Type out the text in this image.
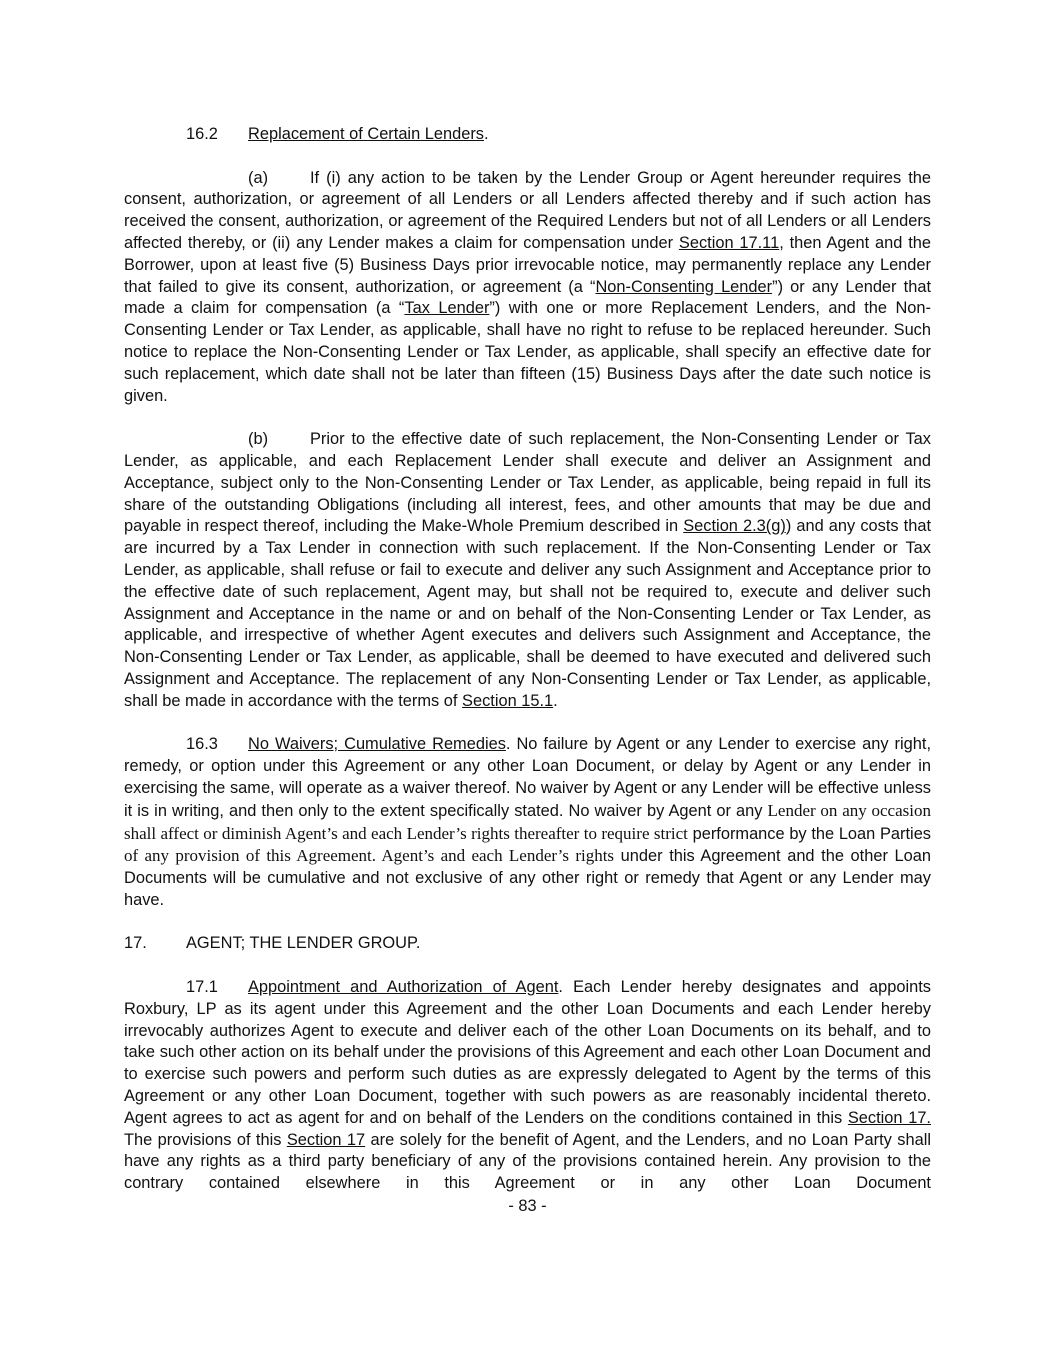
16.2 Replacement of Certain Lenders.

(a)	If (i) any action to be taken by the Lender Group or Agent hereunder requires the consent, authorization, or agreement of all Lenders or all Lenders affected thereby and if such action has received the consent, authorization, or agreement of the Required Lenders but not of all Lenders or all Lenders affected thereby, or (ii) any Lender makes a claim for compensation under Section 17.11, then Agent and the Borrower, upon at least five (5) Business Days prior irrevocable notice, may permanently replace any Lender that failed to give its consent, authorization, or agreement (a “Non-Consenting Lender”) or any Lender that made a claim for compensation (a “Tax Lender”) with one or more Replacement Lenders, and the Non-Consenting Lender or Tax Lender, as applicable, shall have no right to refuse to be replaced hereunder. Such notice to replace the Non-Consenting Lender or Tax Lender, as applicable, shall specify an effective date for such replacement, which date shall not be later than fifteen (15) Business Days after the date such notice is given.

(b)	Prior to the effective date of such replacement, the Non-Consenting Lender or Tax Lender, as applicable, and each Replacement Lender shall execute and deliver an Assignment and Acceptance, subject only to the Non-Consenting Lender or Tax Lender, as applicable, being repaid in full its share of the outstanding Obligations (including all interest, fees, and other amounts that may be due and payable in respect thereof, including the Make-Whole Premium described in Section 2.3(g)) and any costs that are incurred by a Tax Lender in connection with such replacement. If the Non-Consenting Lender or Tax Lender, as applicable, shall refuse or fail to execute and deliver any such Assignment and Acceptance prior to the effective date of such replacement, Agent may, but shall not be required to, execute and deliver such Assignment and Acceptance in the name or and on behalf of the Non-Consenting Lender or Tax Lender, as applicable, and irrespective of whether Agent executes and delivers such Assignment and Acceptance, the Non-Consenting Lender or Tax Lender, as applicable, shall be deemed to have executed and delivered such Assignment and Acceptance. The replacement of any Non-Consenting Lender or Tax Lender, as applicable, shall be made in accordance with the terms of Section 15.1.

16.3 No Waivers; Cumulative Remedies. No failure by Agent or any Lender to exercise any right, remedy, or option under this Agreement or any other Loan Document, or delay by Agent or any Lender in exercising the same, will operate as a waiver thereof. No waiver by Agent or any Lender will be effective unless it is in writing, and then only to the extent specifically stated. No waiver by Agent or any Lender on any occasion shall affect or diminish Agent’s and each Lender’s rights thereafter to require strict performance by the Loan Parties of any provision of this Agreement. Agent’s and each Lender’s rights under this Agreement and the other Loan Documents will be cumulative and not exclusive of any other right or remedy that Agent or any Lender may have.

17. AGENT; THE LENDER GROUP.

17.1 Appointment and Authorization of Agent. Each Lender hereby designates and appoints Roxbury, LP as its agent under this Agreement and the other Loan Documents and each Lender hereby irrevocably authorizes Agent to execute and deliver each of the other Loan Documents on its behalf, and to take such other action on its behalf under the provisions of this Agreement and each other Loan Document and to exercise such powers and perform such duties as are expressly delegated to Agent by the terms of this Agreement or any other Loan Document, together with such powers as are reasonably incidental thereto. Agent agrees to act as agent for and on behalf of the Lenders on the conditions contained in this Section 17. The provisions of this Section 17 are solely for the benefit of Agent, and the Lenders, and no Loan Party shall have any rights as a third party beneficiary of any of the provisions contained herein. Any provision to the contrary contained elsewhere in this Agreement or in any other Loan Document

- 83 -
